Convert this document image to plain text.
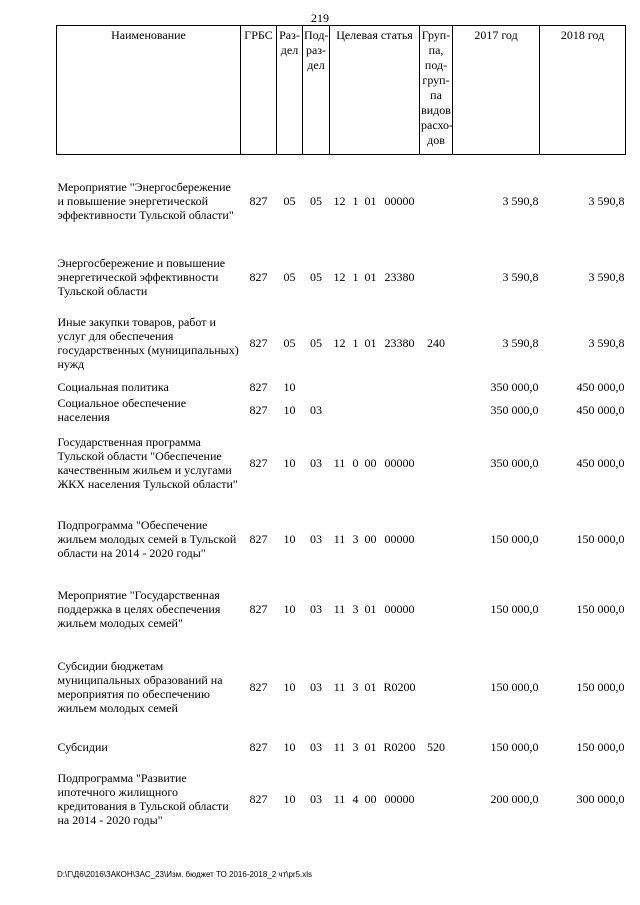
219
Наименование	ГРБС	Раз-дел	Под-раз-дел	Целевая статья				Груп-па, под-груп-па видов расхо-дов	2017 год	2018 год
Мероприятие "Энергосбережение и повышение энергетической эффективности Тульской области"	827	05	05	12	1	01	00000		3 590,8	3 590,8
Энергосбережение и повышение энергетической эффективности Тульской области	827	05	05	12	1	01	23380		3 590,8	3 590,8
Иные закупки товаров, работ и услуг для обеспечения государственных (муниципальных) нужд	827	05	05	12	1	01	23380	240	3 590,8	3 590,8
Социальная политика	827	10							350 000,0	450 000,0
Социальное обеспечение населения	827	10	03						350 000,0	450 000,0
Государственная программа Тульской области "Обеспечение качественным жильем и услугами ЖКХ населения Тульской области"	827	10	03	11	0	00	00000		350 000,0	450 000,0
Подпрограмма "Обеспечение жильем молодых семей в Тульской области на 2014 - 2020 годы"	827	10	03	11	3	00	00000		150 000,0	150 000,0
Мероприятие "Государственная поддержка в целях обеспечения жильем молодых семей"	827	10	03	11	3	01	00000		150 000,0	150 000,0
Субсидии бюджетам муниципальных образований на мероприятия по обеспечению жильем молодых семей	827	10	03	11	3	01	R0200		150 000,0	150 000,0
Субсидии	827	10	03	11	3	01	R0200	520	150 000,0	150 000,0
Подпрограмма "Развитие ипотечного жилищного кредитования в Тульской области на 2014 - 2020 годы"	827	10	03	11	4	00	00000		200 000,0	300 000,0
D:\Г\Д6\2016\ЗАКОН\ЗАС_23\Изм. бюджет ТО 2016-2018_2 чт\pr5.xls
